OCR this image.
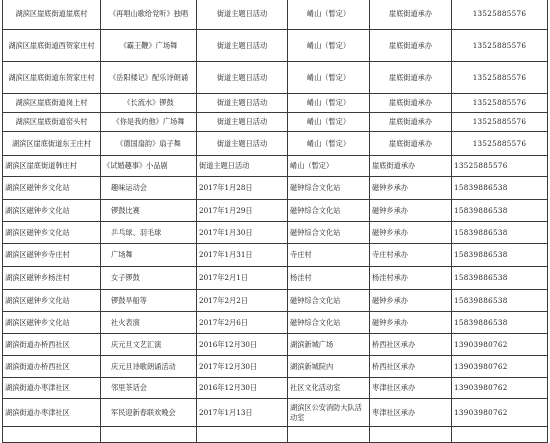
湖滨区崖底街道崖底村	《再唱山歌给党听》独唱	街道主题日活动	崤山（暂定）	崖底街道承办	13525885576
湖滨区崖底街道西贺家庄村	《霸王鞭》广场舞	街道主题日活动	崤山（暂定）	崖底街道承办	13525885576
湖滨区崖底街道东贺家庄村	《岳阳楼记》配乐诗朗诵	街道主题日活动	崤山（暂定）	崖底街道承办	13525885576
湖滨区崖底街道岗上村	《长流水》锣鼓	街道主题日活动	崤山（暂定）	崖底街道承办	13525885576
湖滨区崖底街道窑头村	《你是我的他》广场舞	街道主题日活动	崤山（暂定）	崖底街道承办	13525885576
湖滨区崖底街道东王庄村	《德国扇韵》扇子舞	街道主题日活动	崤山（暂定）	崖底街道承办	13525885576
湖滨区崖底街道韩庄村	《试婚趣事》小品剧	街道主题日活动	崤山（暂定）	崖底街道承办	13525885576
湖滨区磁钟乡文化站	趣味运动会	2017年1月28日	磁钟综合文化站	磁钟乡承办	15839886538
湖滨区磁钟乡文化站	锣鼓比赛	2017年1月29日	磁钟综合文化站	磁钟乡承办	15839886538
湖滨区磁钟乡文化站	乒乓球、羽毛球	2017年1月30日	磁钟综合文化站	磁钟乡承办	15839886538
湖滨区磁钟乡寺庄村	广场舞	2017年1月31日	寺庄村	寺庄村承办	15839886538
湖滨区磁钟乡杨洼村	女子锣鼓	2017年2月1日	杨洼村	杨洼村承办	15839886538
湖滨区磁钟乡文化站	锣鼓旱船等	2017年2月2日	磁钟综合文化站	磁钟乡承办	15839886538
湖滨区磁钟乡文化站	社火表演	2017年2月6日	磁钟综合文化站	磁钟乡承办	15839886538
湖滨街道办桥西社区	庆元旦文艺汇演	2016年12月30日	湖滨新城广场	桥西社区承办	13903980762
湖滨街道办桥西社区	庆元旦诗歌朗诵活动	2017年12月30日	湖滨新城院内	桥西社区承办	13903980762
湖滨街道办枣津社区	邻里茶话会	2016年12月30日	社区文化活动室	枣津社区承办	13903980762
湖滨街道办枣津社区	军民迎新春联欢晚会	2017年1月13日	湖滨区公安消防大队活动室	枣津社区承办	13903980762
